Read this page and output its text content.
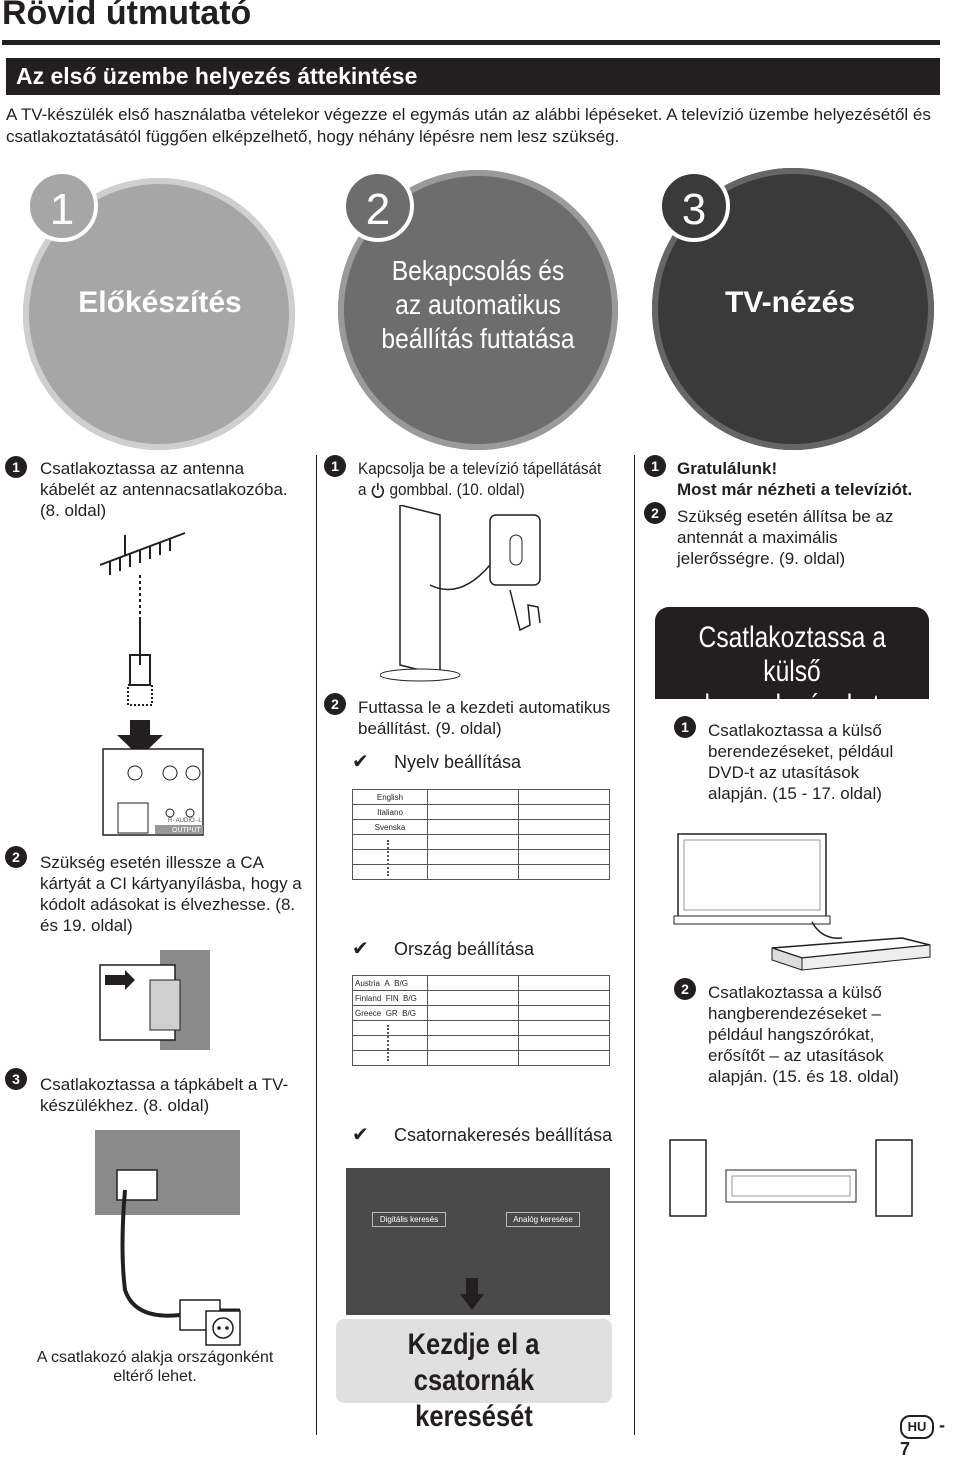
Rövid útmutató
Az első üzembe helyezés áttekintése
A TV-készülék első használatba vételekor végezze el egymás után az alábbi lépéseket. A televízió üzembe helyezésétől és csatlakoztatásától függően elképzelhető, hogy néhány lépésre nem lesz szükség.
1
Előkészítés
2
Bekapcsolás és
az automatikus
beállítás futtatása
3
TV-nézés
1	Csatlakoztassa az antenna kábelét az antennacsatlakozóba. (8. oldal)
R- AUDIO -L
OUTPUT
2	Szükség esetén illessze a CA kártyát a CI kártyanyílásba, hogy a kódolt adásokat is élvezhesse. (8. és 19. oldal)
3	Csatlakoztassa a tápkábelt a TV-készülékhez. (8. oldal)
A csatlakozó alakja országonként eltérő lehet.
1	Kapcsolja be a televízió tápellátását
a gombbal. (10. oldal)
2	Futtassa le a kezdeti automatikus beállítást. (9. oldal)
✔ Nyelv beállítása
English		
Italiano		
Svenska		

✔ Ország beállítása
Austria A B/G		
Finland FIN B/G		
Greece GR B/G		

✔ Csatornakeresés beállítása
Digitális keresés	Analóg keresése
Kezdje el a
csatornák keresését
1	Gratulálunk!
Most már nézheti a televíziót.
2	Szükség esetén állítsa be az antennát a maximális jelerősségre. (9. oldal)
Csatlakoztassa a
külső berendezéseket
1	Csatlakoztassa a külső berendezéseket, például DVD-t az utasítások alapján. (15 - 17. oldal)
2	Csatlakoztassa a külső hangberendezéseket – például hangszórókat, erősítőt – az utasítások alapján. (15. és 18. oldal)
HU - 7
